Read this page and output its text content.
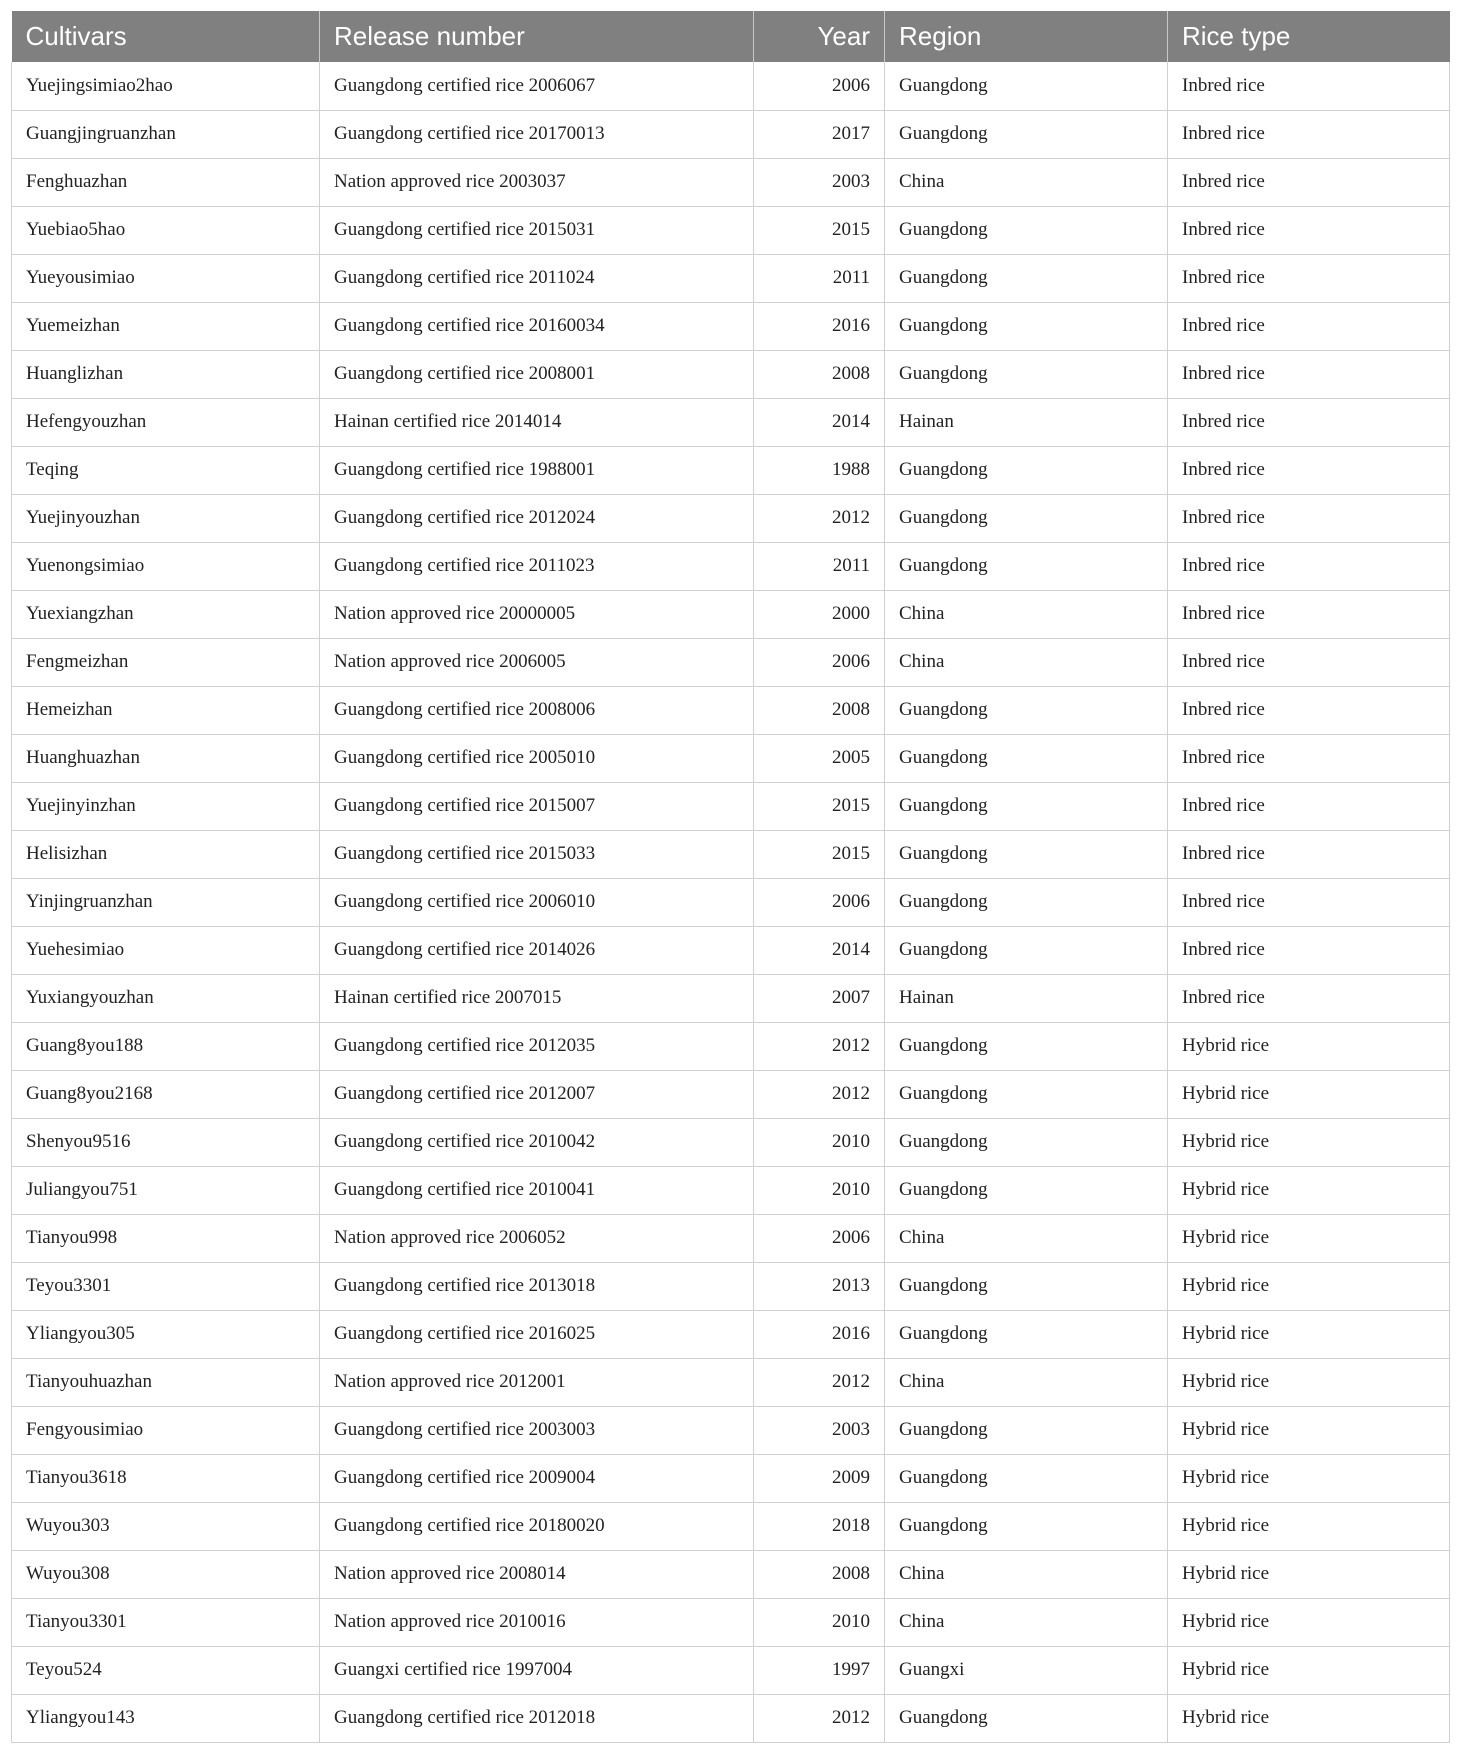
Cultivars	Release number	Year	Region	Rice type
Yuejingsimiao2hao	Guangdong certified rice 2006067	2006	Guangdong	Inbred rice
Guangjingruanzhan	Guangdong certified rice 20170013	2017	Guangdong	Inbred rice
Fenghuazhan	Nation approved rice 2003037	2003	China	Inbred rice
Yuebiao5hao	Guangdong certified rice 2015031	2015	Guangdong	Inbred rice
Yueyousimiao	Guangdong certified rice 2011024	2011	Guangdong	Inbred rice
Yuemeizhan	Guangdong certified rice 20160034	2016	Guangdong	Inbred rice
Huanglizhan	Guangdong certified rice 2008001	2008	Guangdong	Inbred rice
Hefengyouzhan	Hainan certified rice 2014014	2014	Hainan	Inbred rice
Teqing	Guangdong certified rice 1988001	1988	Guangdong	Inbred rice
Yuejinyouzhan	Guangdong certified rice 2012024	2012	Guangdong	Inbred rice
Yuenongsimiao	Guangdong certified rice 2011023	2011	Guangdong	Inbred rice
Yuexiangzhan	Nation approved rice 20000005	2000	China	Inbred rice
Fengmeizhan	Nation approved rice 2006005	2006	China	Inbred rice
Hemeizhan	Guangdong certified rice 2008006	2008	Guangdong	Inbred rice
Huanghuazhan	Guangdong certified rice 2005010	2005	Guangdong	Inbred rice
Yuejinyinzhan	Guangdong certified rice 2015007	2015	Guangdong	Inbred rice
Helisizhan	Guangdong certified rice 2015033	2015	Guangdong	Inbred rice
Yinjingruanzhan	Guangdong certified rice 2006010	2006	Guangdong	Inbred rice
Yuehesimiao	Guangdong certified rice 2014026	2014	Guangdong	Inbred rice
Yuxiangyouzhan	Hainan certified rice 2007015	2007	Hainan	Inbred rice
Guang8you188	Guangdong certified rice 2012035	2012	Guangdong	Hybrid rice
Guang8you2168	Guangdong certified rice 2012007	2012	Guangdong	Hybrid rice
Shenyou9516	Guangdong certified rice 2010042	2010	Guangdong	Hybrid rice
Juliangyou751	Guangdong certified rice 2010041	2010	Guangdong	Hybrid rice
Tianyou998	Nation approved rice 2006052	2006	China	Hybrid rice
Teyou3301	Guangdong certified rice 2013018	2013	Guangdong	Hybrid rice
Yliangyou305	Guangdong certified rice 2016025	2016	Guangdong	Hybrid rice
Tianyouhuazhan	Nation approved rice 2012001	2012	China	Hybrid rice
Fengyousimiao	Guangdong certified rice 2003003	2003	Guangdong	Hybrid rice
Tianyou3618	Guangdong certified rice 2009004	2009	Guangdong	Hybrid rice
Wuyou303	Guangdong certified rice 20180020	2018	Guangdong	Hybrid rice
Wuyou308	Nation approved rice 2008014	2008	China	Hybrid rice
Tianyou3301	Nation approved rice 2010016	2010	China	Hybrid rice
Teyou524	Guangxi certified rice 1997004	1997	Guangxi	Hybrid rice
Yliangyou143	Guangdong certified rice 2012018	2012	Guangdong	Hybrid rice
